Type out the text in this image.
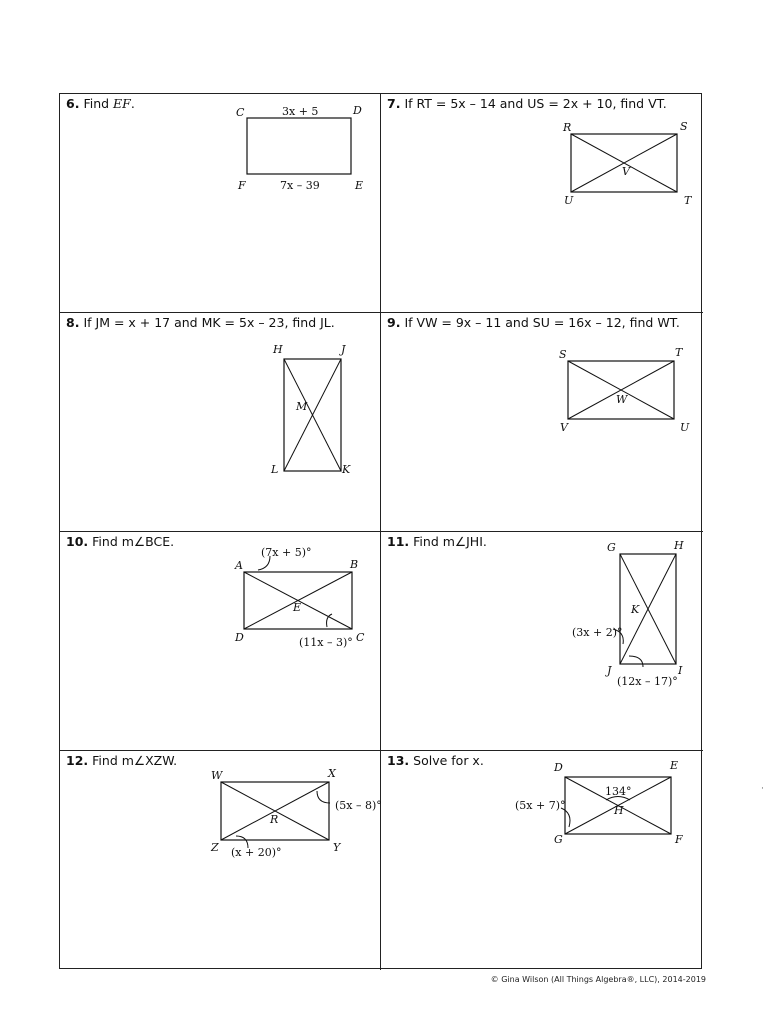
6. Find EF.
C	D
F	E
3x + 5
7x – 39
7. If RT = 5x – 14 and US = 2x + 10, find VT.
R	S
U	T
V
8. If JM = x + 17 and MK = 5x – 23, find JL.
H	J
L	K
M
9. If VW = 9x – 11 and SU = 16x – 12, find WT.
S	T
V	U
W
10. Find m∠BCE.
A	B
D	C
E
(7x + 5)°
(11x – 3)°
11. Find m∠JHI.	G	H
J	I
K
(3x + 2)°
(12x – 17)°
12. Find m∠XZW.
W	X
Z	Y
R
(5x – 8)°
(x + 20)°
13. Solve for x.	D	E
G	F
H
134°
(5x + 7)°
© Gina Wilson (All Things Algebra®, LLC), 2014-2019
·
